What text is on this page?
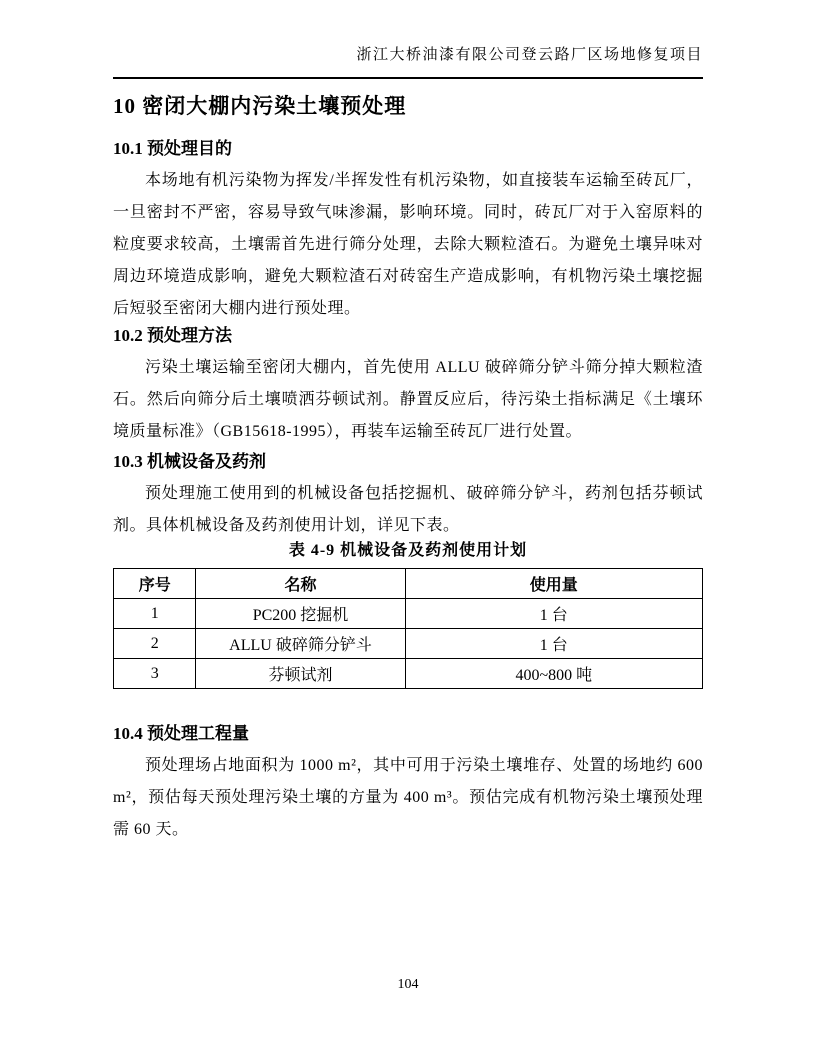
浙江大桥油漆有限公司登云路厂区场地修复项目
10 密闭大棚内污染土壤预处理
10.1 预处理目的

本场地有机污染物为挥发/半挥发性有机污染物，如直接装车运输至砖瓦厂，一旦密封不严密，容易导致气味渗漏，影响环境。同时，砖瓦厂对于入窑原料的粒度要求较高，土壤需首先进行筛分处理，去除大颗粒渣石。为避免土壤异味对周边环境造成影响，避免大颗粒渣石对砖窑生产造成影响，有机物污染土壤挖掘后短驳至密闭大棚内进行预处理。

10.2 预处理方法

污染土壤运输至密闭大棚内，首先使用 ALLU 破碎筛分铲斗筛分掉大颗粒渣石。然后向筛分后土壤喷洒芬顿试剂。静置反应后，待污染土指标满足《土壤环境质量标准》（GB15618-1995），再装车运输至砖瓦厂进行处置。

10.3 机械设备及药剂

预处理施工使用到的机械设备包括挖掘机、破碎筛分铲斗，药剂包括芬顿试剂。具体机械设备及药剂使用计划，详见下表。

表 4-9 机械设备及药剂使用计划
序号	名称	使用量
1	PC200 挖掘机	1 台
2	ALLU 破碎筛分铲斗	1 台
3	芬顿试剂	400~800 吨
10.4 预处理工程量

预处理场占地面积为 1000 m²，其中可用于污染土壤堆存、处置的场地约 600 m²，预估每天预处理污染土壤的方量为 400 m³。预估完成有机物污染土壤预处理需 60 天。

104
